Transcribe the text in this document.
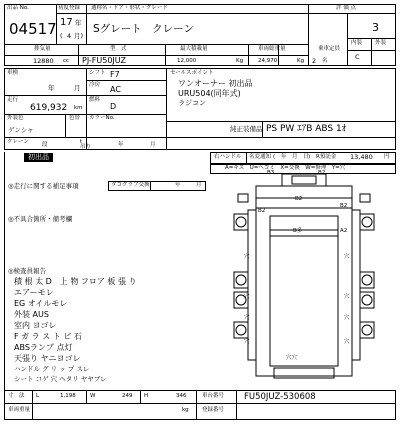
出品 No.
04517
初度登録
17 年
( 4 月)
通称名・ドア・形状・グレード
Sグレート　クレーン
評 価 点
3
内装 外装
C
排気量	型　式	最大積載量	車両総重量	乗車定員
12880 cc PJ-FU50JUZ	12,000	Kg	24,970	Kg 2 名
車検
年	月
走行
619,932 km
外装色	色替 カラーNo.
ゲンシャ
クレーン 段	t
吊り	年	月
シフト F7
冷房 AC
燃料
D
セールスポイント
ワンオーナー 初出品
URU504(同年式)
ラジコン
純正装備品 PS PW ｴｱB ABS 1ｵ
右ハンドル 名変通知 ( 年　月　日 ) R預託金 13,480 円
初出品
A=キズ　U=ヘコミ　X=交換　W=修理　Y=穴
◎走行に関する補足事項	タコグラフ交換	年	月
◎不具合箇所・備考欄
◎検査員報告
積 根 太 D　上 物 フロア 板 張 り
エアーモレ
EG オイルモレ
外装 AUS
室内 ヨゴレ
F ガ ラ ス ト ビ 石
ABSランプ 点灯
天張り ヤニヨゴレ
ハンドル グ リ ッ プ スレ
シート コゲ 穴 ヘタリ ヤヤブレ
B3	B2
B2
B2
B2
B多	A2
穴	穴
穴	穴
穴	穴
穴	穴
穴穴
寸　法 L	1,198	W	249 H	346	車台番号 FU50JUZ-530608
車両重量	kg 登録番号
